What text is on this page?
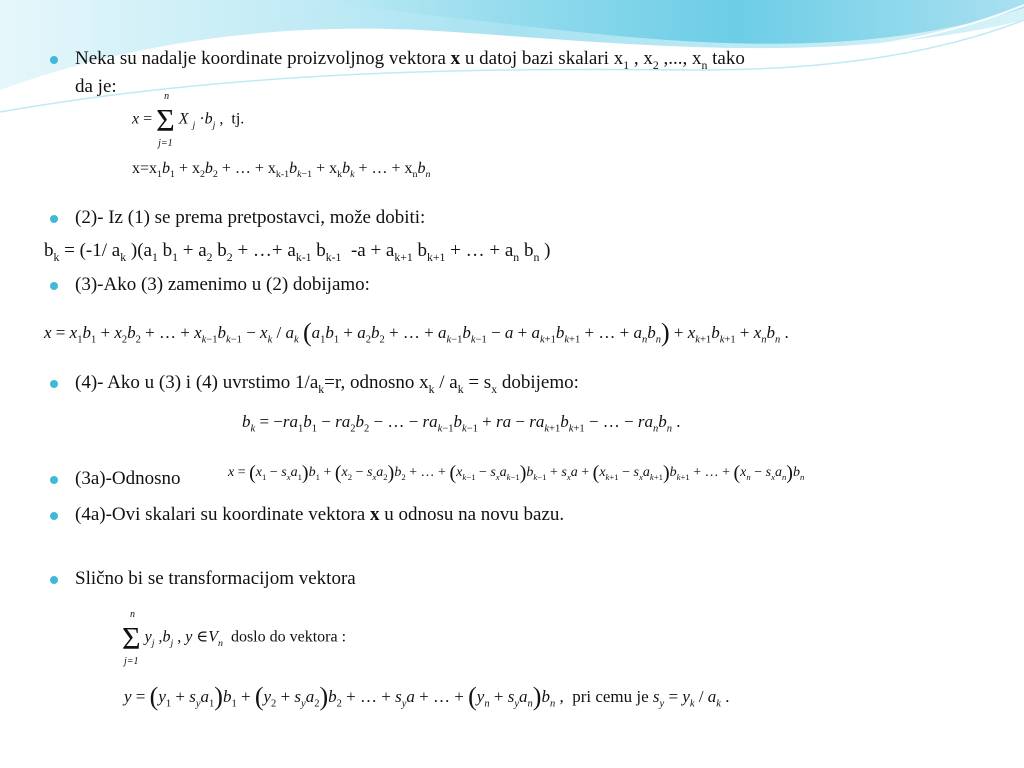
Neka su nadalje koordinate proizvoljnog vektora x u datoj bazi skalari $x_1$ , $x_2$ ,..., $x_n$ tako
da je:
x = Σ
n
j=1
X $_j \cdot b_j$ ,  tj.
$x=x_1b_1 + x_2b_2$ + … + $x_{k-1}b_{k-1} + x_kb_k$ + … + $x_nb_n$
(2)- Iz (1) se prema pretpostavci, može dobiti:
$b_k = (-1/$ $a_k$ )($a_1$ $b_1 + a_2$ $b_2$ + …+ $a_{k-1}$ $b_{k-1}$  $-a + a_{k+1}$ $b_{k+1}$ + … + $a_n$ $b_n$ )
(3)-Ako (3) zamenimo u (2) dobijamo:
$x = x_1b_1 + x_2b_2$ + … + $x_{k-1}b_{k-1} - x_k / a_k$ ($a_1b_1 + a_2b_2$ + … + $a_{k-1}b_{k-1} - a + a_{k+1}b_{k+1}$ + … + $a_nb_n) + x_{k+1}b_{k+1} + x_nb_n$ .
(4)- Ako u (3) i (4) uvrstimo $1/a_k=r$, odnosno $x_k / a_k = s_x$ dobijemo:
$b_k = -ra_1b_1 - ra_2b_2$ − … − $ra_{k-1}b_{k-1}$ + ra − $ra_{k+1}b_{k+1}$ − … − $ra_nb_n$ .
(3a)-Odnosno	$x = (x_1 - s_xa_1)b_1 + (x_2 - s_xa_2)b_2$ + … + $(x_{k-1} - s_xa_{k-1})b_{k-1} + s_xa + (x_{k+1} - s_xa_{k+1})b_{k+1}$ + … + $(x_n - s_xa_n)b_n$
(4a)-Ovi skalari su koordinate vektora x u odnosu na novu bazu.
Slično bi se transformacijom vektora
Σ
n
j=1
$y_j$ $,b_j$ , y $\in V_n$ doslo do vektora :
$y = (y_1 + s_ya_1)b_1 + (y_2 + s_ya_2)b_2$ + … + $s_ya$ + … + $(y_n + s_ya_n)b_n$ ,  pri cemu je $s_y = y_k / a_k$ .
